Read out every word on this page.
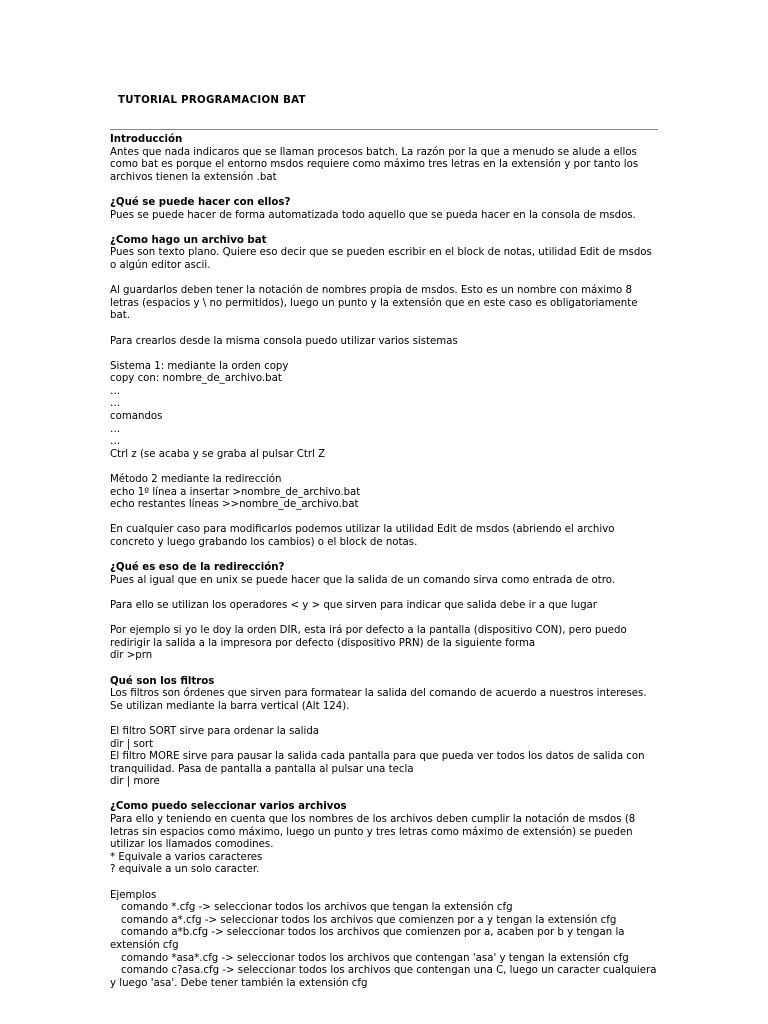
TUTORIAL PROGRAMACION BAT
Introducción
Antes que nada indicaros que se llaman procesos batch. La razón por la que a menudo se alude a ellos como bat es porque el entorno msdos requiere como máximo tres letras en la extensión y por tanto los archivos tienen la extensión .bat
¿Qué se puede hacer con ellos?
Pues se puede hacer de forma automatizada todo aquello que se pueda hacer en la consola de msdos.
¿Como hago un archivo bat
Pues son texto plano. Quiere eso decir que se pueden escribir en el block de notas, utilidad Edit de msdos  o algún editor ascii.
Al guardarlos deben tener la notación de nombres propia de msdos. Esto es un nombre con máximo 8 letras (espacios y \ no permitidos), luego un punto y la extensión que en este caso es obligatoriamente bat.
Para crearlos desde la misma consola puedo utilizar varios sistemas
Sistema 1: mediante la orden copy
copy con: nombre_de_archivo.bat
…
…
comandos
…
…
Ctrl z (se acaba y se graba al pulsar Ctrl Z
Método 2 mediante la redirección
echo 1º línea a insertar >nombre_de_archivo.bat
echo restantes líneas >>nombre_de_archivo.bat
En cualquier caso para modificarlos podemos utilizar la utilidad Edit de msdos (abriendo el archivo concreto y luego grabando los cambios) o el block de notas.
¿Qué es eso de la redirección?
Pues al igual que en unix se puede hacer que la salida de un comando sirva como entrada de otro.
Para ello se utilizan los operadores < y > que sirven para indicar que salida debe ir a que lugar
Por ejemplo si yo le doy la orden DIR, esta irá por defecto a la pantalla (dispositivo CON), pero puedo redirigir la salida a la impresora por defecto (dispositivo PRN) de la siguiente forma
dir >prn
Qué son los filtros
Los filtros son órdenes que sirven para formatear la salida del comando de acuerdo a nuestros intereses. Se utilizan mediante la barra vertical (Alt 124).
El filtro SORT sirve para ordenar la salida
dir | sort
El filtro MORE sirve para pausar la salida cada pantalla para que pueda ver todos los datos de salida con tranquilidad. Pasa de pantalla a pantalla al pulsar una tecla
dir | more
¿Como puedo seleccionar varios archivos
Para ello y teniendo en cuenta que los nombres de los archivos deben cumplir la notación de msdos (8 letras sin espacios como máximo, luego un punto y tres letras como máximo de extensión) se pueden utilizar los llamados comodines.
* Equivale a varios caracteres
? equivale a un solo caracter.
Ejemplos
comando *.cfg -> seleccionar todos los archivos que tengan la extensión cfg
comando a*.cfg -> seleccionar todos los archivos que comienzen por a y tengan la extensión cfg
comando a*b.cfg -> seleccionar todos los archivos que comienzen por a, acaben por b y tengan la extensión cfg
comando *asa*.cfg -> seleccionar todos los archivos que contengan 'asa' y tengan la extensión cfg
comando c?asa.cfg -> seleccionar todos los archivos que contengan una C, luego un caracter cualquiera y luego 'asa'. Debe tener también la extensión cfg
